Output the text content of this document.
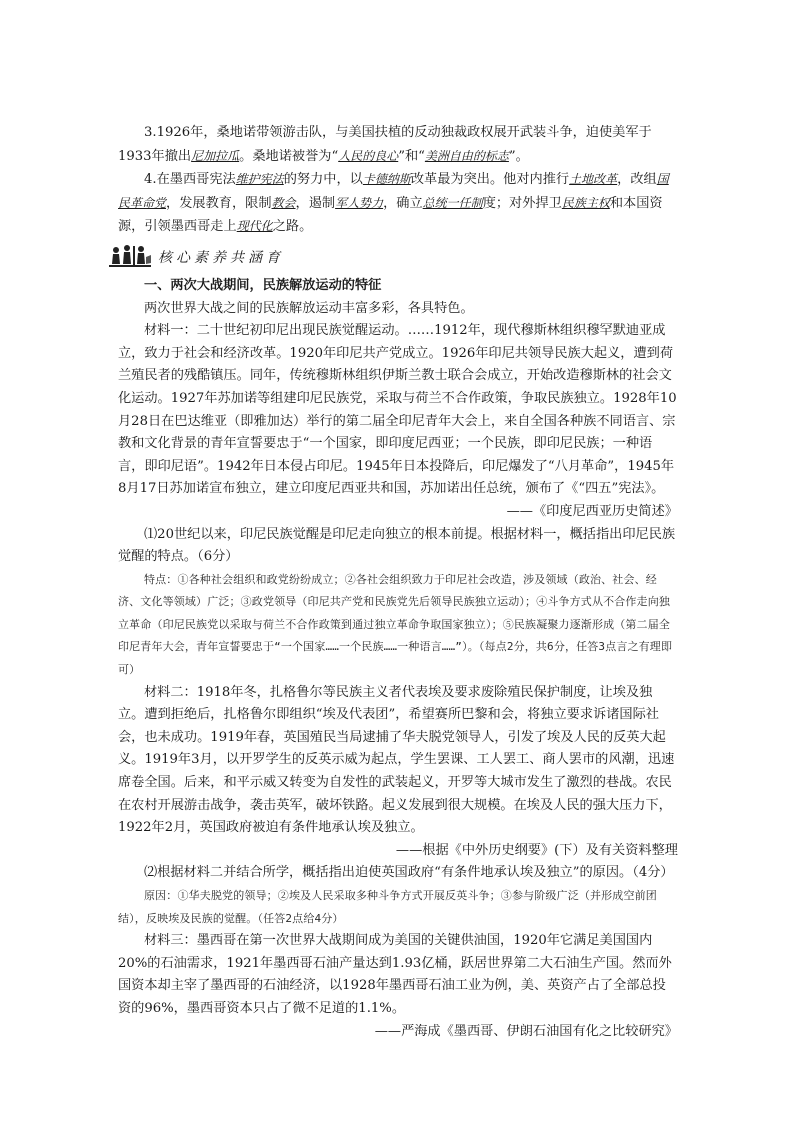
3.1926年，桑地诺带领游击队，与美国扶植的反动独裁政权展开武装斗争，迫使美军于1933年撤出尼加拉瓜。桑地诺被誉为“人民的良心”和“美洲自由的标志”。

4.在墨西哥宪法维护宪法的努力中，以卡德纳斯改革最为突出。他对内推行土地改革，改组国民革命党，发展教育，限制教会，遏制军人势力，确立总统一任制度；对外捍卫民族主权和本国资源，引领墨西哥走上现代化之路。

核心素养共涵育

一、两次大战期间，民族解放运动的特征

两次世界大战之间的民族解放运动丰富多彩，各具特色。

材料一：二十世纪初印尼出现民族觉醒运动。……1912年，现代穆斯林组织穆罕默迪亚成立，致力于社会和经济改革。1920年印尼共产党成立。1926年印尼共领导民族大起义，遭到荷兰殖民者的残酷镇压。同年，传统穆斯林组织伊斯兰教士联合会成立，开始改造穆斯林的社会文化运动。1927年苏加诺等组建印尼民族党，采取与荷兰不合作政策，争取民族独立。1928年10月28日在巴达维亚（即雅加达）举行的第二届全印尼青年大会上，来自全国各种族不同语言、宗教和文化背景的青年宣誓要忠于“一个国家，即印度尼西亚；一个民族，即印尼民族；一种语言，即印尼语”。1942年日本侵占印尼。1945年日本投降后，印尼爆发了“八月革命”，1945年8月17日苏加诺宣布独立，建立印度尼西亚共和国，苏加诺出任总统，颁布了《“四五”宪法》。

——《印度尼西亚历史简述》

⑴20世纪以来，印尼民族觉醒是印尼走向独立的根本前提。根据材料一，概括指出印尼民族觉醒的特点。（6分）

特点：①各种社会组织和政党纷纷成立；②各社会组织致力于印尼社会改造，涉及领域（政治、社会、经济、文化等领域）广泛；③政党领导（印尼共产党和民族党先后领导民族独立运动）；④斗争方式从不合作走向独立革命（印尼民族党以采取与荷兰不合作政策到通过独立革命争取国家独立）；⑤民族凝聚力逐渐形成（第二届全印尼青年大会，青年宣誓要忠于“一个国家……一个民族……一种语言……”）。（每点2分，共6分，任答3点言之有理即可）

材料二：1918年冬，扎格鲁尔等民族主义者代表埃及要求废除殖民保护制度，让埃及独立。遭到拒绝后，扎格鲁尔即组织“埃及代表团”，希望赛所巴黎和会，将独立要求诉诸国际社会，也未成功。1919年春，英国殖民当局逮捕了华夫脱党领导人，引发了埃及人民的反英大起义。1919年3月，以开罗学生的反英示威为起点，学生罢课、工人罢工、商人罢市的风潮，迅速席卷全国。后来，和平示威又转变为自发性的武装起义，开罗等大城市发生了激烈的巷战。农民在农村开展游击战争，袭击英军，破坏铁路。起义发展到很大规模。在埃及人民的强大压力下，1922年2月，英国政府被迫有条件地承认埃及独立。

——根据《中外历史纲要》(下）及有关资料整理

⑵根据材料二并结合所学，概括指出迫使英国政府“有条件地承认埃及独立”的原因。（4分）

原因：①华夫脱党的领导；②埃及人民采取多种斗争方式开展反英斗争；③参与阶级广泛（并形成空前团结），反映埃及民族的觉醒。（任答2点给4分）

材料三：墨西哥在第一次世界大战期间成为美国的关键供油国，1920年它满足美国国内20%的石油需求，1921年墨西哥石油产量达到1.93亿桶，跃居世界第二大石油生产国。然而外国资本却主宰了墨西哥的石油经济，以1928年墨西哥石油工业为例，美、英资产占了全部总投资的96%，墨西哥资本只占了微不足道的1.1%。

——严海成《墨西哥、伊朗石油国有化之比较研究》
